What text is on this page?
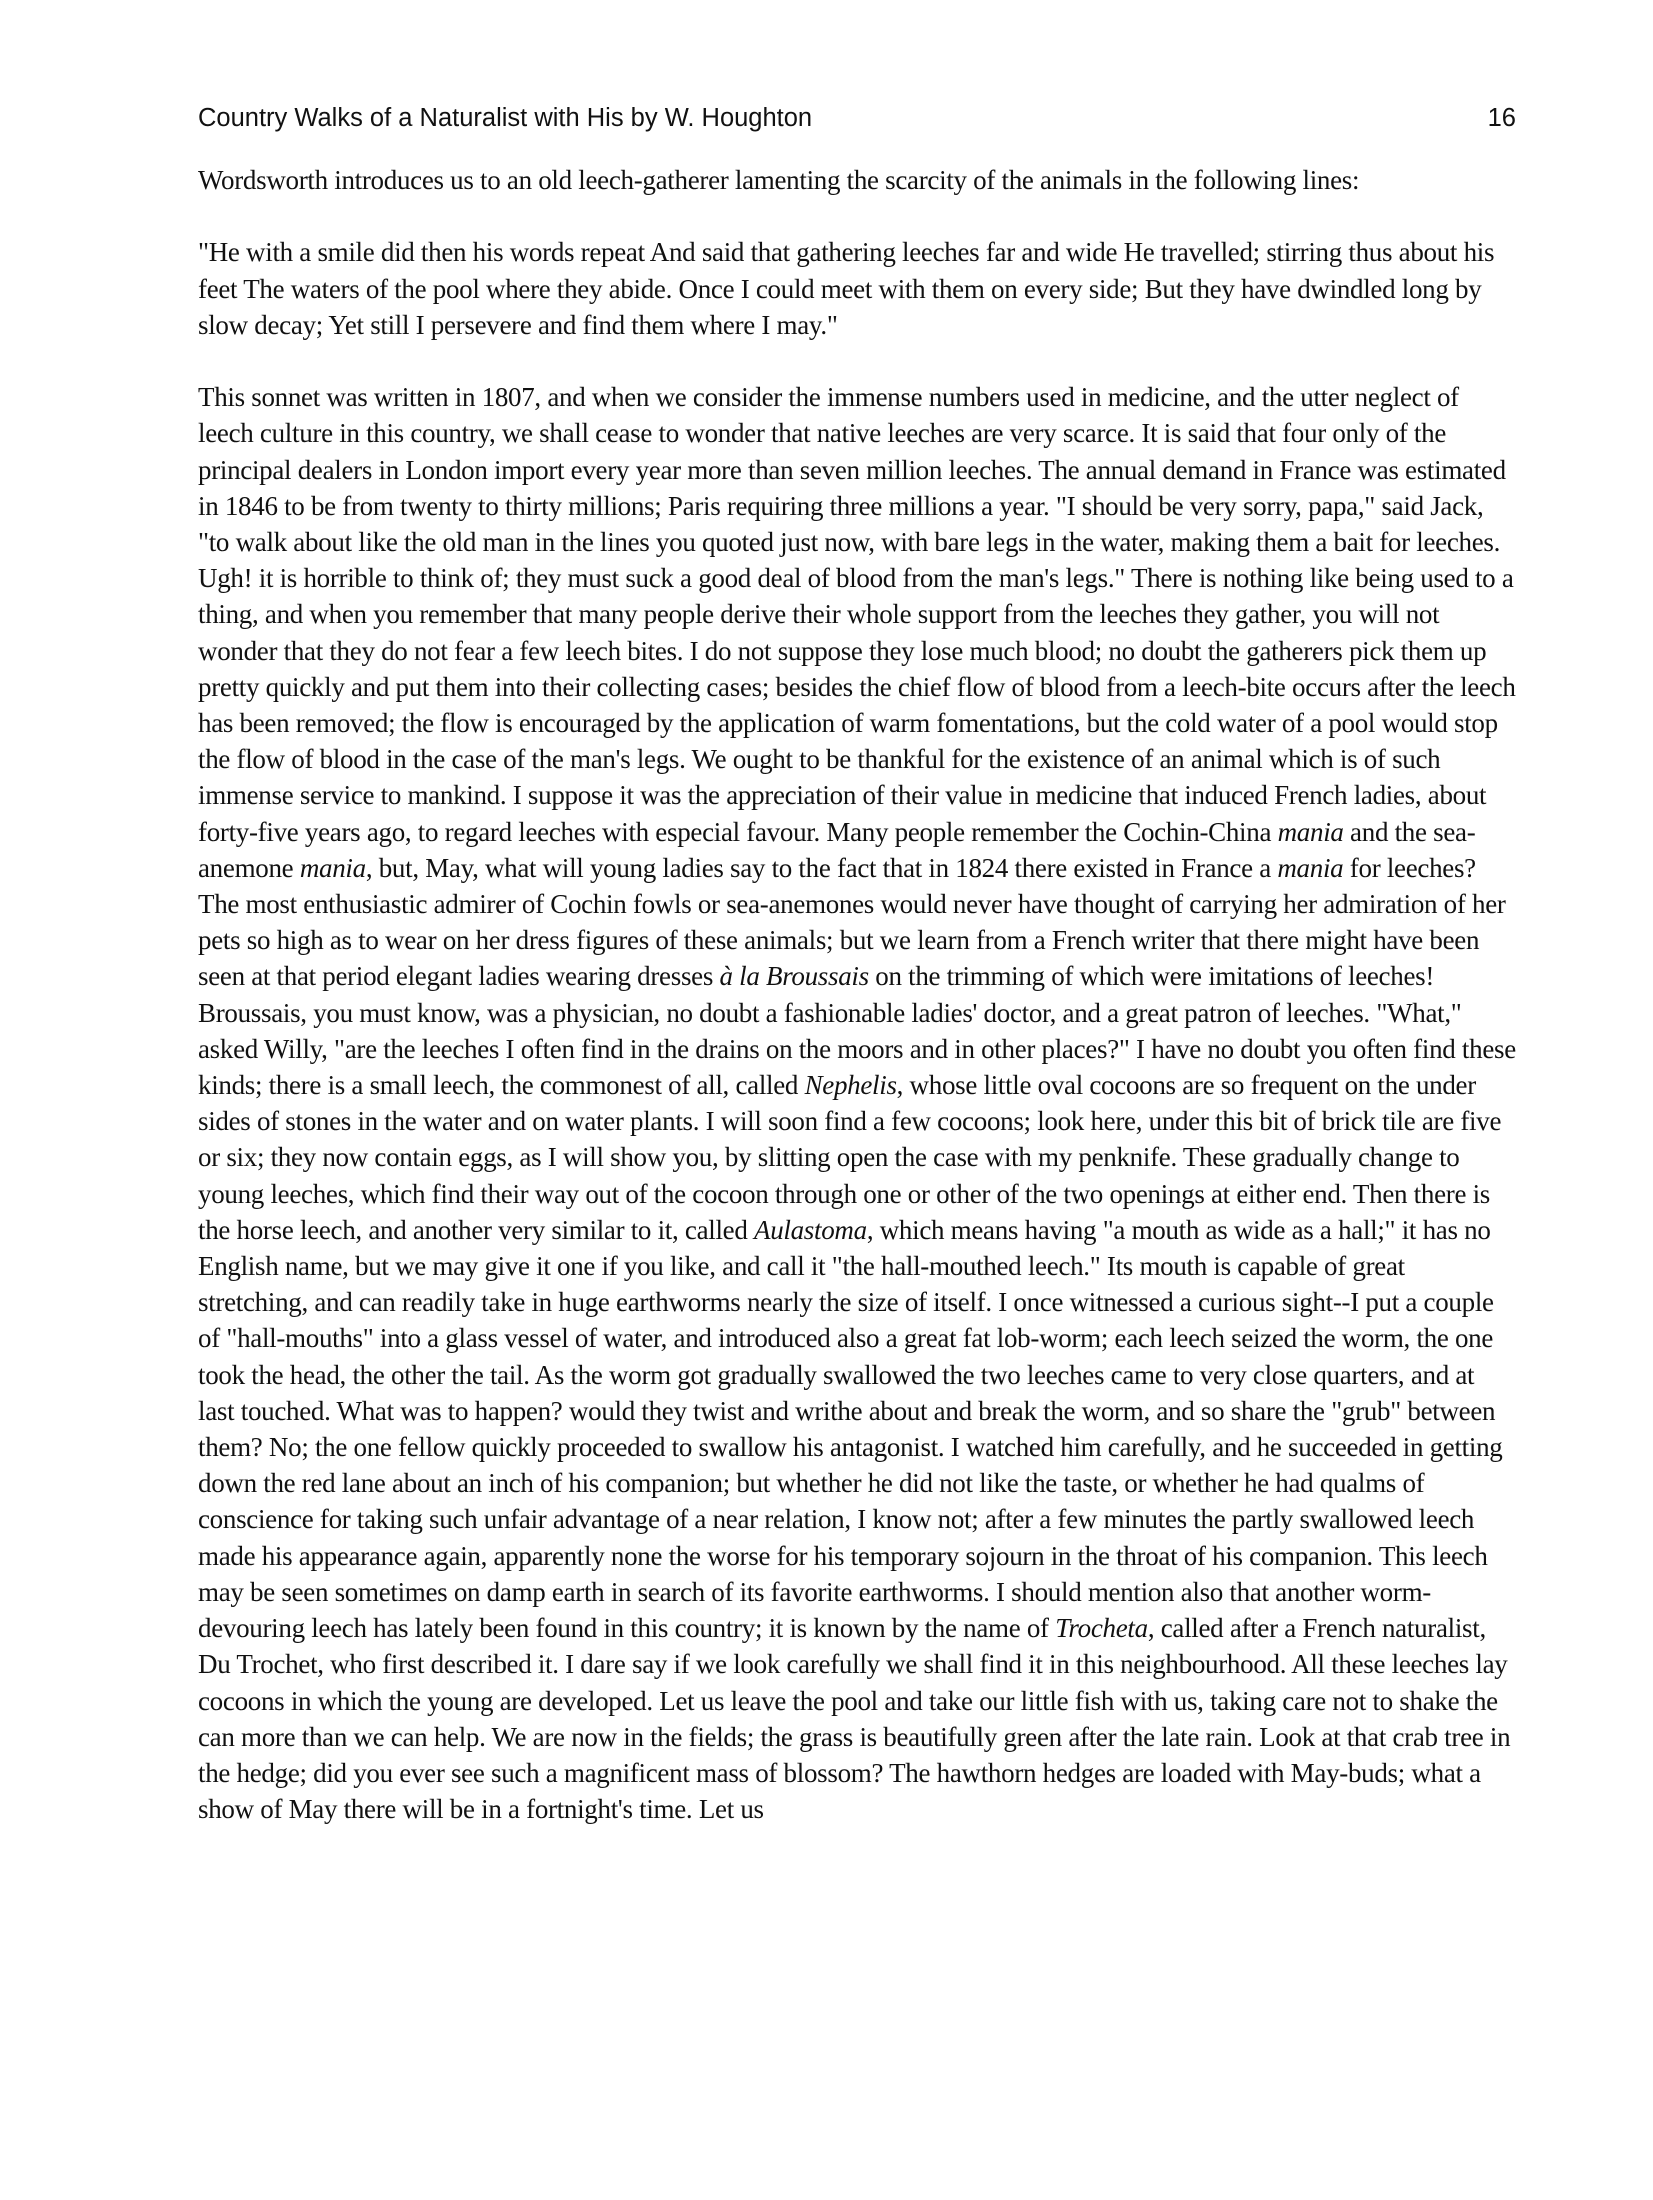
Country Walks of a Naturalist with His by W. Houghton	16

Wordsworth introduces us to an old leech-gatherer lamenting the scarcity of the animals in the following lines:

"He with a smile did then his words repeat And said that gathering leeches far and wide He travelled; stirring thus about his feet The waters of the pool where they abide. Once I could meet with them on every side; But they have dwindled long by slow decay; Yet still I persevere and find them where I may."

This sonnet was written in 1807, and when we consider the immense numbers used in medicine, and the utter neglect of leech culture in this country, we shall cease to wonder that native leeches are very scarce. It is said that four only of the principal dealers in London import every year more than seven million leeches. The annual demand in France was estimated in 1846 to be from twenty to thirty millions; Paris requiring three millions a year. "I should be very sorry, papa," said Jack, "to walk about like the old man in the lines you quoted just now, with bare legs in the water, making them a bait for leeches. Ugh! it is horrible to think of; they must suck a good deal of blood from the man's legs." There is nothing like being used to a thing, and when you remember that many people derive their whole support from the leeches they gather, you will not wonder that they do not fear a few leech bites. I do not suppose they lose much blood; no doubt the gatherers pick them up pretty quickly and put them into their collecting cases; besides the chief flow of blood from a leech-bite occurs after the leech has been removed; the flow is encouraged by the application of warm fomentations, but the cold water of a pool would stop the flow of blood in the case of the man's legs. We ought to be thankful for the existence of an animal which is of such immense service to mankind. I suppose it was the appreciation of their value in medicine that induced French ladies, about forty-five years ago, to regard leeches with especial favour. Many people remember the Cochin-China mania and the sea-anemone mania, but, May, what will young ladies say to the fact that in 1824 there existed in France a mania for leeches? The most enthusiastic admirer of Cochin fowls or sea-anemones would never have thought of carrying her admiration of her pets so high as to wear on her dress figures of these animals; but we learn from a French writer that there might have been seen at that period elegant ladies wearing dresses à la Broussais on the trimming of which were imitations of leeches! Broussais, you must know, was a physician, no doubt a fashionable ladies' doctor, and a great patron of leeches. "What," asked Willy, "are the leeches I often find in the drains on the moors and in other places?" I have no doubt you often find these kinds; there is a small leech, the commonest of all, called Nephelis, whose little oval cocoons are so frequent on the under sides of stones in the water and on water plants. I will soon find a few cocoons; look here, under this bit of brick tile are five or six; they now contain eggs, as I will show you, by slitting open the case with my penknife. These gradually change to young leeches, which find their way out of the cocoon through one or other of the two openings at either end. Then there is the horse leech, and another very similar to it, called Aulastoma, which means having "a mouth as wide as a hall;" it has no English name, but we may give it one if you like, and call it "the hall-mouthed leech." Its mouth is capable of great stretching, and can readily take in huge earthworms nearly the size of itself. I once witnessed a curious sight--I put a couple of "hall-mouths" into a glass vessel of water, and introduced also a great fat lob-worm; each leech seized the worm, the one took the head, the other the tail. As the worm got gradually swallowed the two leeches came to very close quarters, and at last touched. What was to happen? would they twist and writhe about and break the worm, and so share the "grub" between them? No; the one fellow quickly proceeded to swallow his antagonist. I watched him carefully, and he succeeded in getting down the red lane about an inch of his companion; but whether he did not like the taste, or whether he had qualms of conscience for taking such unfair advantage of a near relation, I know not; after a few minutes the partly swallowed leech made his appearance again, apparently none the worse for his temporary sojourn in the throat of his companion. This leech may be seen sometimes on damp earth in search of its favorite earthworms. I should mention also that another worm-devouring leech has lately been found in this country; it is known by the name of Trocheta, called after a French naturalist, Du Trochet, who first described it. I dare say if we look carefully we shall find it in this neighbourhood. All these leeches lay cocoons in which the young are developed. Let us leave the pool and take our little fish with us, taking care not to shake the can more than we can help. We are now in the fields; the grass is beautifully green after the late rain. Look at that crab tree in the hedge; did you ever see such a magnificent mass of blossom? The hawthorn hedges are loaded with May-buds; what a show of May there will be in a fortnight's time. Let us
